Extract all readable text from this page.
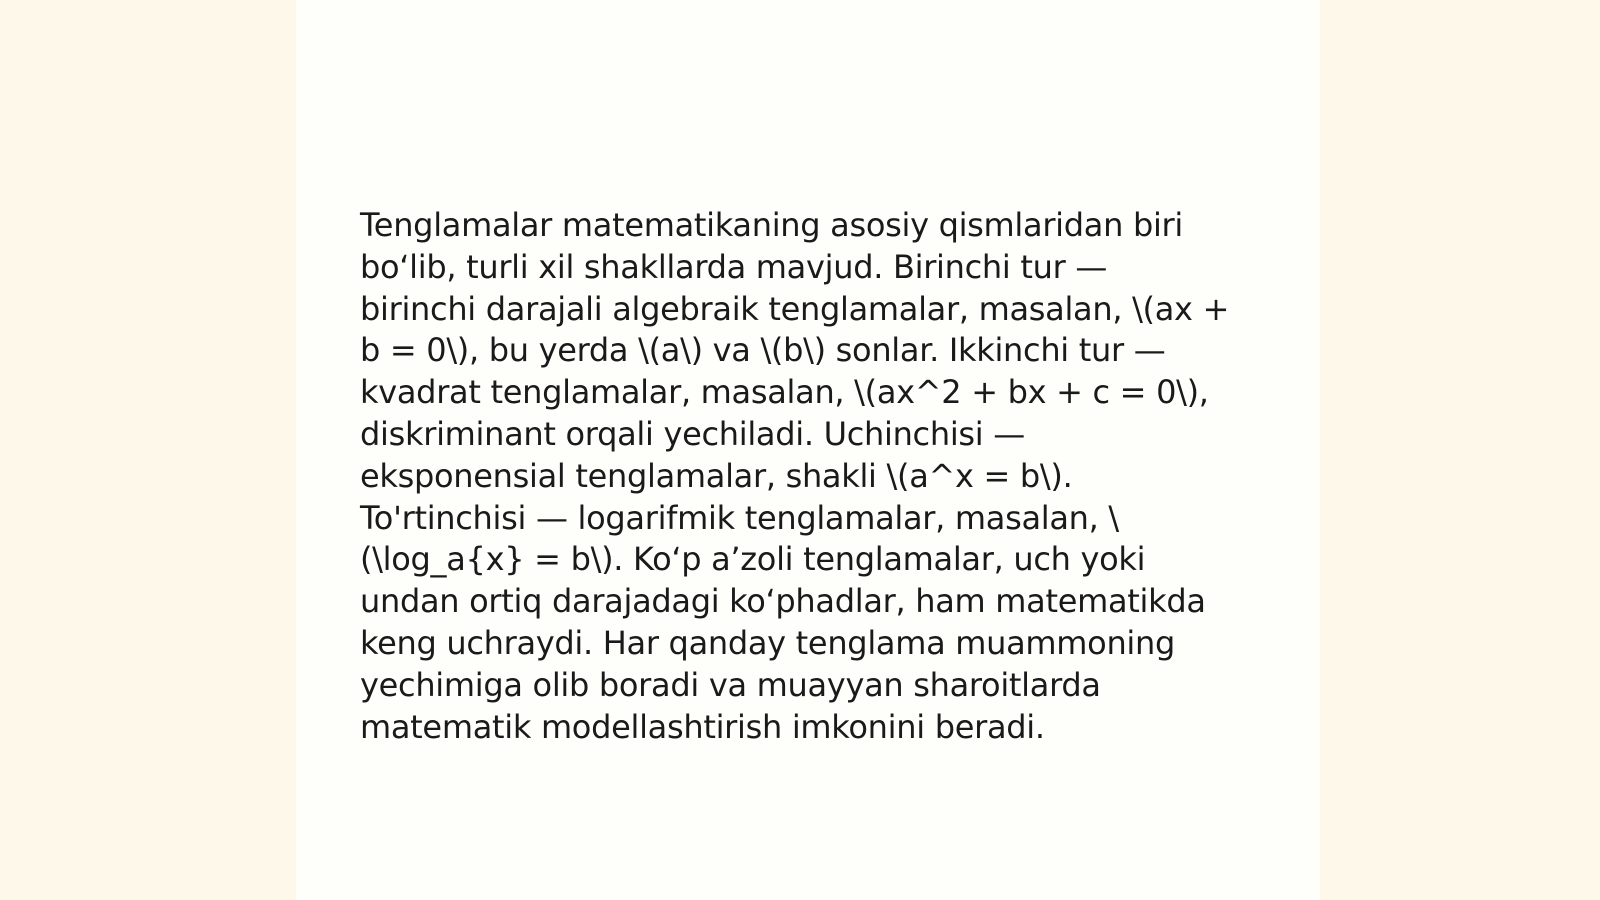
Tenglamalar matematikaning asosiy qismlaridan biri
bo‘lib, turli xil shakllarda mavjud. Birinchi tur —
birinchi darajali algebraik tenglamalar, masalan, \(ax +
b = 0\), bu yerda \(a\) va \(b\) sonlar. Ikkinchi tur —
kvadrat tenglamalar, masalan, \(ax^2 + bx + c = 0\),
diskriminant orqali yechiladi. Uchinchisi —
eksponensial tenglamalar, shakli \(a^x = b\).
To'rtinchisi — logarifmik tenglamalar, masalan, \
(\log_a{x} = b\). Ko‘p a’zoli tenglamalar, uch yoki
undan ortiq darajadagi ko‘phadlar, ham matematikda
keng uchraydi. Har qanday tenglama muammoning
yechimiga olib boradi va muayyan sharoitlarda
matematik modellashtirish imkonini beradi.
